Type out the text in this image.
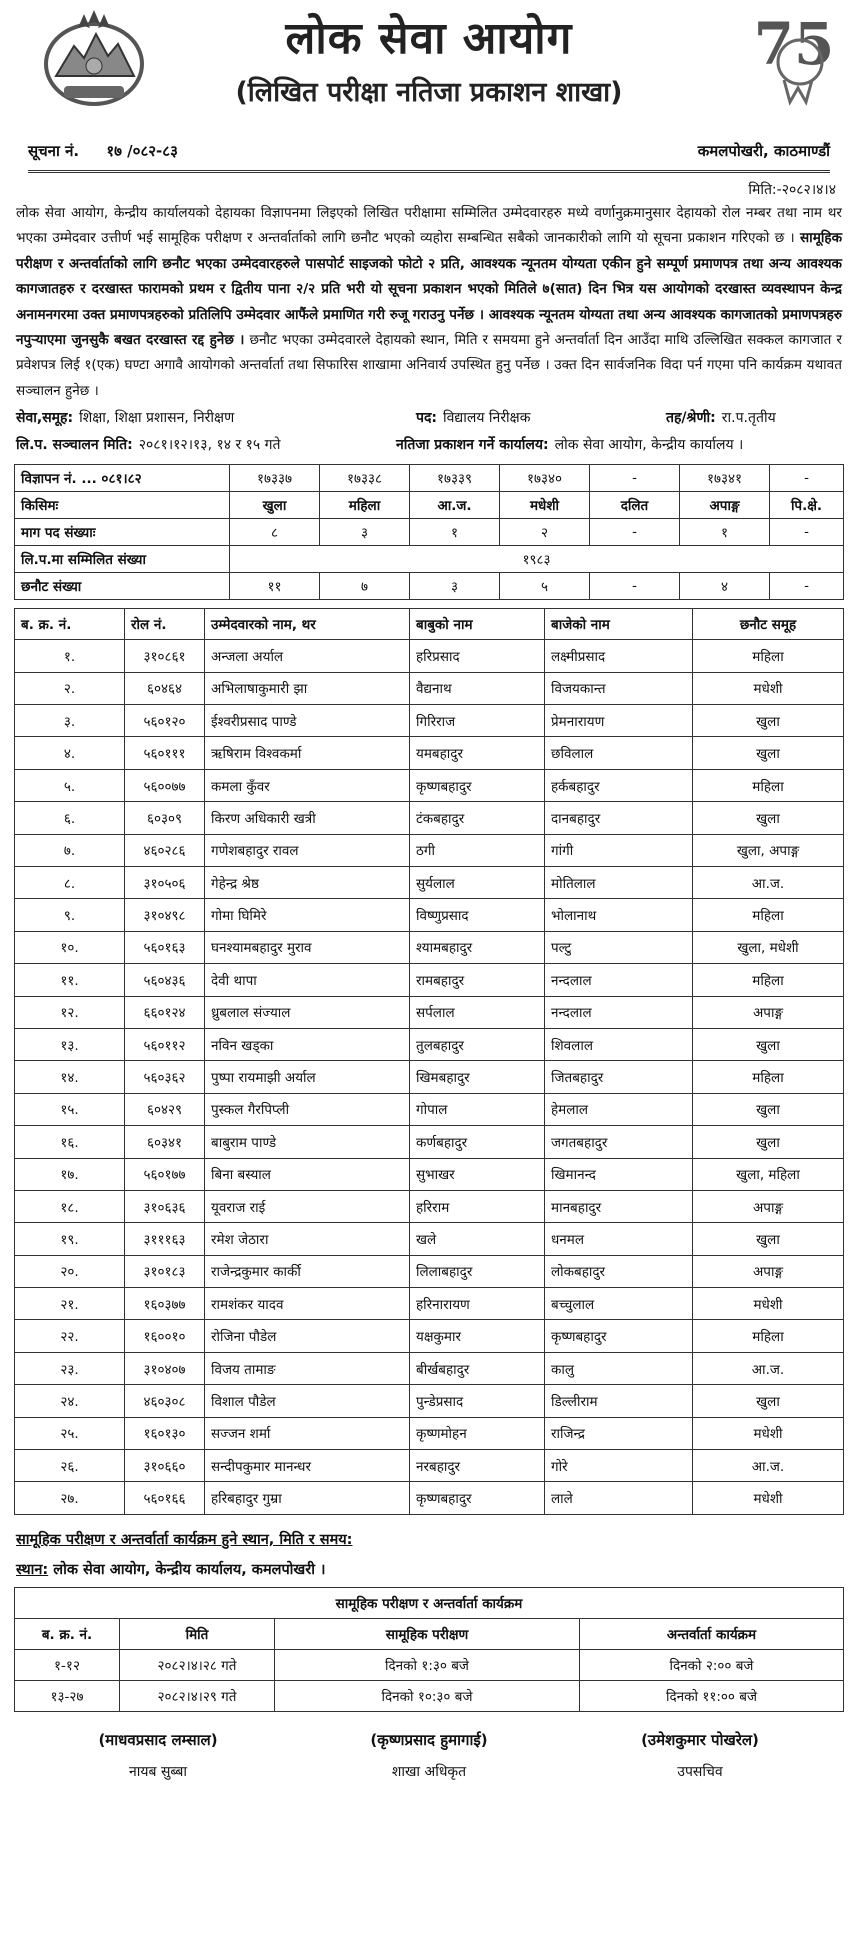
लोक सेवा आयोग
(लिखित परीक्षा नतिजा प्रकाशन शाखा)
75
सूचना नं. १७ /०८२-८३	कमलपोखरी, काठमाण्डौं
मिति:-२०८२।४।४
लोक सेवा आयोग, केन्द्रीय कार्यालयको देहायका विज्ञापनमा लिइएको लिखित परीक्षामा सम्मिलित उम्मेदवारहरु मध्ये वर्णानुक्रमानुसार देहायको रोल नम्बर तथा नाम थर भएका उम्मेदवार उत्तीर्ण भई सामूहिक परीक्षण र अन्तर्वार्ताको लागि छनौट भएको व्यहोरा सम्बन्धित सबैको जानकारीको लागि यो सूचना प्रकाशन गरिएको छ । सामूहिक परीक्षण र अन्तर्वार्ताको लागि छनौट भएका उम्मेदवारहरुले पासपोर्ट साइजको फोटो २ प्रति, आवश्यक न्यूनतम योग्यता एकीन हुने सम्पूर्ण प्रमाणपत्र तथा अन्य आवश्यक कागजातहरु र दरखास्त फारामको प्रथम र द्वितीय पाना २/२ प्रति भरी यो सूचना प्रकाशन भएको मितिले ७(सात) दिन भित्र यस आयोगको दरखास्त व्यवस्थापन केन्द्र अनामनगरमा उक्त प्रमाणपत्रहरुको प्रतिलिपि उम्मेदवार आफैंले प्रमाणित गरी रुजू गराउनु पर्नेछ । आवश्यक न्यूनतम योग्यता तथा अन्य आवश्यक कागजातको प्रमाणपत्रहरु नपुऱ्याएमा जुनसुकै बखत दरखास्त रद्द हुनेछ । छनौट भएका उम्मेदवारले देहायको स्थान, मिति र समयमा हुने अन्तर्वार्ता दिन आउँदा माथि उल्लिखित सक्कल कागजात र प्रवेशपत्र लिई १(एक) घण्टा अगावै आयोगको अन्तर्वार्ता तथा सिफारिस शाखामा अनिवार्य उपस्थित हुनु पर्नेछ । उक्त दिन सार्वजनिक विदा पर्न गएमा पनि कार्यक्रम यथावत सञ्चालन हुनेछ ।
सेवा,समूह: शिक्षा, शिक्षा प्रशासन, निरीक्षण	पद: विद्यालय निरीक्षक	तह/श्रेणी: रा.प.तृतीय
लि.प. सञ्चालन मिति: २०८१।१२।१३, १४ र १५ गते	नतिजा प्रकाशन गर्ने कार्यालय: लोक सेवा आयोग, केन्द्रीय कार्यालय ।
विज्ञापन नं. ... ०८१।८२	१७३३७	१७३३८	१७३३९	१७३४०	-	१७३४१	-
किसिमः	खुला	महिला	आ.ज.	मधेशी	दलित	अपाङ्ग	पि.क्षे.
माग पद संख्याः	८	३	१	२	-	१	-
लि.प.मा सम्मिलित संख्या	१९८३						
छनौट संख्या	११	७	३	५	-	४	-
ब. क्र. नं.	रोल नं.	उम्मेदवारको नाम, थर	बाबुको नाम	बाजेको नाम	छनौट समूह
१.	३१०८६१	अन्जला अर्याल	हरिप्रसाद	लक्ष्मीप्रसाद	महिला
२.	६०४६४	अभिलाषाकुमारी झा	वैद्यनाथ	विजयकान्त	मधेशी
३.	५६०१२०	ईश्वरीप्रसाद पाण्डे	गिरिराज	प्रेमनारायण	खुला
४.	५६०१११	ऋषिराम विश्वकर्मा	यमबहादुर	छविलाल	खुला
५.	५६००७७	कमला कुँवर	कृष्णबहादुर	हर्कबहादुर	महिला
६.	६०३०९	किरण अधिकारी खत्री	टंकबहादुर	दानबहादुर	खुला
७.	४६०२८६	गणेशबहादुर रावल	ठगी	गांगी	खुला, अपाङ्ग
८.	३१०५०६	गेहेन्द्र श्रेष्ठ	सुर्यलाल	मोतिलाल	आ.ज.
९.	३१०४९८	गोमा घिमिरे	विष्णुप्रसाद	भोलानाथ	महिला
१०.	५६०१६३	घनश्यामबहादुर मुराव	श्यामबहादुर	पल्टु	खुला, मधेशी
११.	५६०४३६	देवी थापा	रामबहादुर	नन्दलाल	महिला
१२.	६६०१२४	ध्रुबलाल संज्याल	सर्पलाल	नन्दलाल	अपाङ्ग
१३.	५६०११२	नविन खड्का	तुलबहादुर	शिवलाल	खुला
१४.	५६०३६२	पुष्पा रायमाझी अर्याल	खिमबहादुर	जितबहादुर	महिला
१५.	६०४२९	पुस्कल गैरपिप्ली	गोपाल	हेमलाल	खुला
१६.	६०३४१	बाबुराम पाण्डे	कर्णबहादुर	जगतबहादुर	खुला
१७.	५६०१७७	बिना बस्याल	सुभाखर	खिमानन्द	खुला, महिला
१८.	३१०६३६	यूवराज राई	हरिराम	मानबहादुर	अपाङ्ग
१९.	३१११६३	रमेश जेठारा	खले	धनमल	खुला
२०.	३१०१८३	राजेन्द्रकुमार कार्की	लिलाबहादुर	लोकबहादुर	अपाङ्ग
२१.	१६०३७७	रामशंकर यादव	हरिनारायण	बच्चुलाल	मधेशी
२२.	१६००१०	रोजिना पौडेल	यक्षकुमार	कृष्णबहादुर	महिला
२३.	३१०४०७	विजय तामाङ	बीर्खबहादुर	कालु	आ.ज.
२४.	४६०३०८	विशाल पौडेल	पुन्डेप्रसाद	डिल्लीराम	खुला
२५.	१६०१३०	सज्जन शर्मा	कृष्णमोहन	राजिन्द्र	मधेशी
२६.	३१०६६०	सन्दीपकुमार मानन्धर	नरबहादुर	गोरे	आ.ज.
२७.	५६०१६६	हरिबहादुर गुम्रा	कृष्णबहादुर	लाले	मधेशी
सामूहिक परीक्षण र अन्तर्वार्ता कार्यक्रम हुने स्थान, मिति र समय:
स्थान: लोक सेवा आयोग, केन्द्रीय कार्यालय, कमलपोखरी ।
सामूहिक परीक्षण र अन्तर्वार्ता कार्यक्रम			
ब. क्र. नं.	मिति	सामूहिक परीक्षण	अन्तर्वार्ता कार्यक्रम
१-१२	२०८२।४।२८ गते	दिनको १:३० बजे	दिनको २:०० बजे
१३-२७	२०८२।४।२९ गते	दिनको १०:३० बजे	दिनको ११:०० बजे
(माधवप्रसाद लम्साल)
नायब सुब्बा
(कृष्णप्रसाद हुमागाई)
शाखा अधिकृत
(उमेशकुमार पोखरेल)
उपसचिव
